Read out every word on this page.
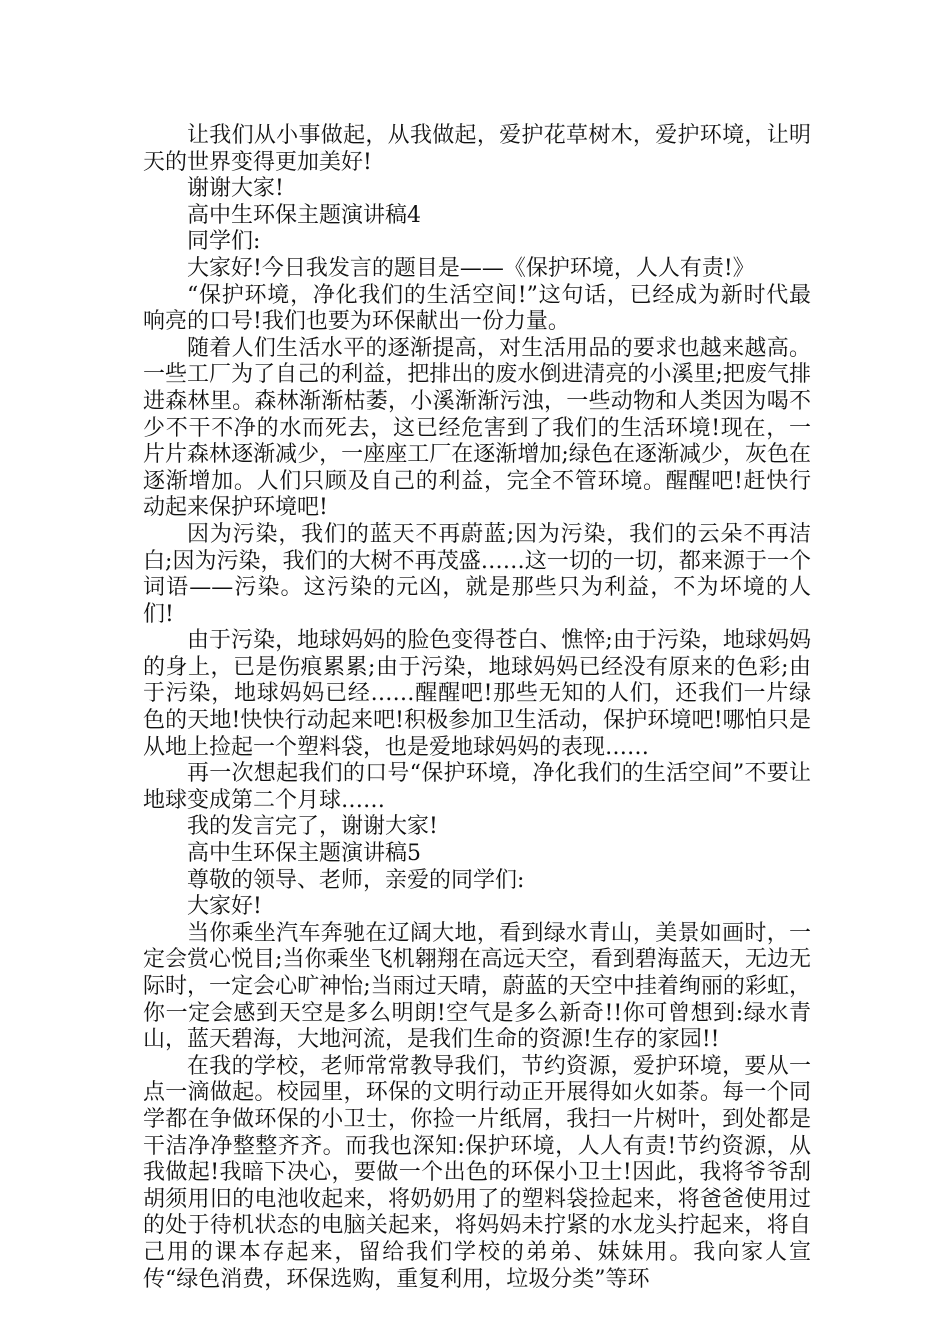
让我们从小事做起，从我做起，爱护花草树木，爱护环境，让明天的世界变得更加美好!

谢谢大家!

高中生环保主题演讲稿4

同学们:

大家好!今日我发言的题目是——《保护环境，人人有责!》

“保护环境，净化我们的生活空间!”这句话，已经成为新时代最响亮的口号!我们也要为环保献出一份力量。

随着人们生活水平的逐渐提高，对生活用品的要求也越来越高。一些工厂为了自己的利益，把排出的废水倒进清亮的小溪里;把废气排进森林里。森林渐渐枯萎，小溪渐渐污浊，一些动物和人类因为喝不少不干不净的水而死去，这已经危害到了我们的生活环境!现在，一片片森林逐渐减少，一座座工厂在逐渐增加;绿色在逐渐减少，灰色在逐渐增加。人们只顾及自己的利益，完全不管环境。醒醒吧!赶快行动起来保护环境吧!

因为污染，我们的蓝天不再蔚蓝;因为污染，我们的云朵不再洁白;因为污染，我们的大树不再茂盛……这一切的一切，都来源于一个词语——污染。这污染的元凶，就是那些只为利益，不为坏境的人们!

由于污染，地球妈妈的脸色变得苍白、憔悴;由于污染，地球妈妈的身上，已是伤痕累累;由于污染，地球妈妈已经没有原来的色彩;由于污染，地球妈妈已经……醒醒吧!那些无知的人们，还我们一片绿色的天地!快快行动起来吧!积极参加卫生活动，保护环境吧!哪怕只是从地上捡起一个塑料袋，也是爱地球妈妈的表现……

再一次想起我们的口号“保护环境，净化我们的生活空间”不要让地球变成第二个月球……

我的发言完了，谢谢大家!

高中生环保主题演讲稿5

尊敬的领导、老师，亲爱的同学们:

大家好!

当你乘坐汽车奔驰在辽阔大地，看到绿水青山，美景如画时，一定会赏心悦目;当你乘坐飞机翱翔在高远天空，看到碧海蓝天，无边无际时，一定会心旷神怡;当雨过天晴，蔚蓝的天空中挂着绚丽的彩虹，你一定会感到天空是多么明朗!空气是多么新奇!!你可曾想到:绿水青山，蓝天碧海，大地河流，是我们生命的资源!生存的家园!!

在我的学校，老师常常教导我们，节约资源，爱护环境，要从一点一滴做起。校园里，环保的文明行动正开展得如火如荼。每一个同学都在争做环保的小卫士，你捡一片纸屑，我扫一片树叶，到处都是干洁净净整整齐齐。而我也深知:保护环境，人人有责!节约资源，从我做起!我暗下决心，要做一个出色的环保小卫士!因此，我将爷爷刮胡须用旧的电池收起来，将奶奶用了的塑料袋捡起来，将爸爸使用过的处于待机状态的电脑关起来，将妈妈未拧紧的水龙头拧起来，将自己用的课本存起来，留给我们学校的弟弟、妹妹用。我向家人宣传“绿色消费，环保选购，重复利用，垃圾分类”等环
